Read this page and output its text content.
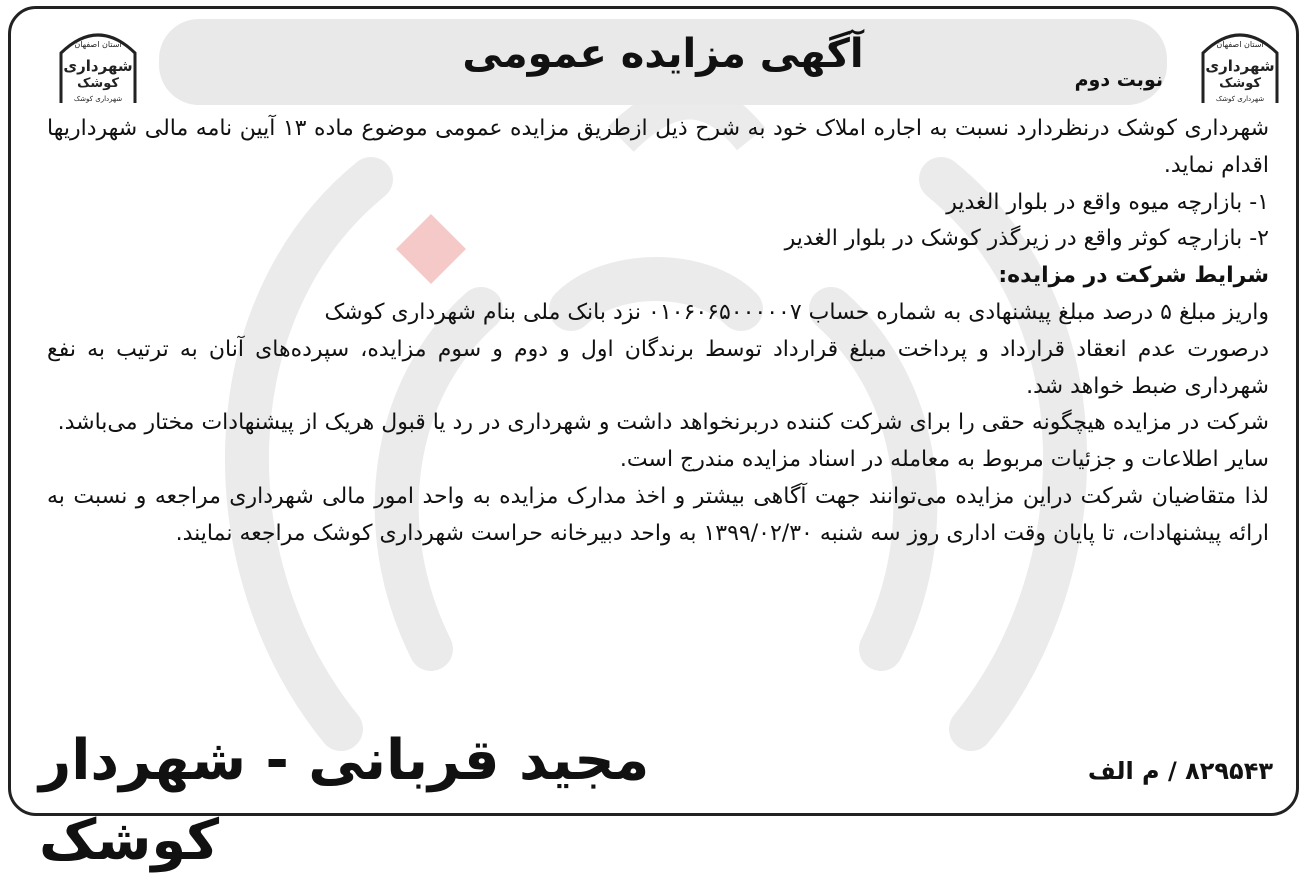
آگهی مزایده عمومی
نوبت دوم
استان اصفهان
شهرداری
کوشک
شهرداری کوشک
استان اصفهان
شهرداری
کوشک
شهرداری کوشک

شهرداری کوشک درنظردارد نسبت به اجاره املاک خود به شرح ذیل ازطریق مزایده عمومی موضوع ماده ۱۳ آیین نامه مالی شهرداریها اقدام نماید.

۱- بازارچه میوه واقع در بلوار الغدیر

۲- بازارچه کوثر واقع در زیرگذر کوشک در بلوار الغدیر

شرایط شرکت در مزایده:

واریز مبلغ ۵ درصد مبلغ پیشنهادی به شماره حساب ۰۱۰۶۰۶۵۰۰۰۰۰۷ نزد بانک ملی بنام شهرداری کوشک

درصورت عدم انعقاد قرارداد و پرداخت مبلغ قرارداد توسط برندگان اول و دوم و سوم مزایده، سپرده‌های آنان به ترتیب به نفع شهرداری ضبط خواهد شد.

شرکت در مزایده هیچگونه حقی را برای شرکت کننده دربرنخواهد داشت و شهرداری در رد یا قبول هریک از پیشنهادات مختار می‌باشد.

سایر اطلاعات و جزئیات مربوط به معامله در اسناد مزایده مندرج است.

لذا متقاضیان شرکت دراین مزایده می‌توانند جهت آگاهی بیشتر و اخذ مدارک مزایده به واحد امور مالی شهرداری مراجعه و نسبت به ارائه پیشنهادات، تا پایان وقت اداری روز سه شنبه ۱۳۹۹/۰۲/۳۰ به واحد دبیرخانه حراست شهرداری کوشک مراجعه نمایند.

مجید قربانی - شهردار کوشک
۸۲۹۵۴۳ / م الف
